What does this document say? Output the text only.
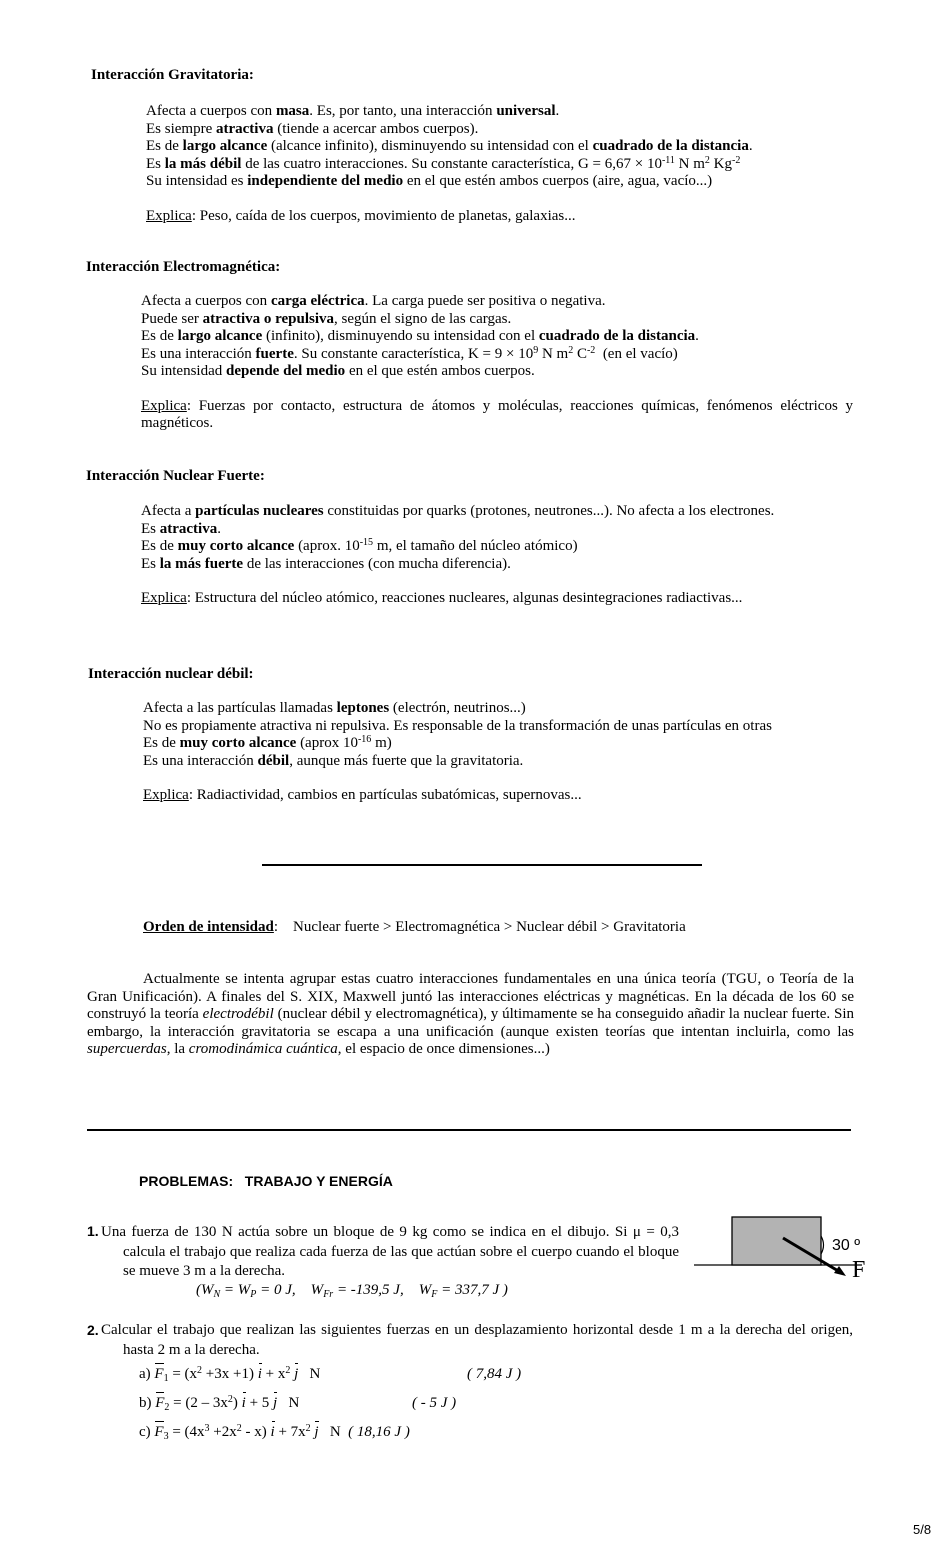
Interacción Gravitatoria:
Afecta a cuerpos con masa. Es, por tanto, una interacción universal.
Es siempre atractiva (tiende a acercar ambos cuerpos).
Es de largo alcance (alcance infinito), disminuyendo su intensidad con el cuadrado de la distancia.
Es la más débil de las cuatro interacciones. Su constante característica, $G = 6,67 \times 10^{-11}$ N $m^2$ $Kg^{-2}$
Su intensidad es independiente del medio en el que estén ambos cuerpos (aire, agua, vacío...)
Explica: Peso, caída de los cuerpos, movimiento de planetas, galaxias...
Interacción Electromagnética:
Afecta a cuerpos con carga eléctrica. La carga puede ser positiva o negativa.
Puede ser atractiva o repulsiva, según el signo de las cargas.
Es de largo alcance (infinito), disminuyendo su intensidad con el cuadrado de la distancia.
Es una interacción fuerte. Su constante característica, $K = 9 \times 10^9$ N $m^2$ $C^{-2}$  (en el vacío)
Su intensidad depende del medio en el que estén ambos cuerpos.
Explica: Fuerzas por contacto, estructura de átomos y moléculas, reacciones químicas, fenómenos eléctricos y magnéticos.
Interacción Nuclear Fuerte:
Afecta a partículas nucleares constituidas por quarks (protones, neutrones...). No afecta a los electrones.
Es atractiva.
Es de muy corto alcance (aprox. $10^{-15}$ m, el tamaño del núcleo atómico)
Es la más fuerte de las interacciones (con mucha diferencia).
Explica: Estructura del núcleo atómico, reacciones nucleares, algunas desintegraciones radiactivas...
Interacción nuclear débil:
Afecta a las partículas llamadas leptones (electrón, neutrinos...)
No es propiamente atractiva ni repulsiva. Es responsable de la transformación de unas partículas en otras
Es de muy corto alcance (aprox $10^{-16}$ m)
Es una interacción débil, aunque más fuerte que la gravitatoria.
Explica: Radiactividad, cambios en partículas subatómicas, supernovas...
Orden de intensidad:    Nuclear fuerte > Electromagnética > Nuclear débil > Gravitatoria
Actualmente se intenta agrupar estas cuatro interacciones fundamentales en una única teoría (TGU, o Teoría de la Gran Unificación). A finales del S. XIX, Maxwell juntó las interacciones eléctricas y magnéticas. En la década de los 60 se construyó la teoría electrodébil (nuclear débil y electromagnética), y últimamente se ha conseguido añadir la nuclear fuerte. Sin embargo, la interacción gravitatoria se escapa a una unificación (aunque existen teorías que intentan incluirla, como las supercuerdas, la cromodinámica cuántica, el espacio de once dimensiones...)
PROBLEMAS:   TRABAJO Y ENERGÍA
1. Una fuerza de 130 N actúa sobre un bloque de 9 kg como se indica en el dibujo. Si μ = 0,3 calcula el trabajo que realiza cada fuerza de las que actúan sobre el cuerpo cuando el bloque se mueve 3 m a la derecha.
($W_N = W_P = 0$ J,    $W_{Fr} = -139,5$ J,    $W_F = 337,7$ J )
30 º
F
2. Calcular el trabajo que realizan las siguientes fuerzas en un desplazamiento horizontal desde 1 m a la derecha del origen, hasta 2 m a la derecha.
a) $F_1 = (x^2 +3x +1) i + x^2$ j   N	( 7,84 J )
b) $F_2 = (2 - 3x^2) i + 5$ j   N	( - 5 J )
c) $F_3 = (4x^3 +2x^2 - x) i + 7x^2$ j   N ( 18,16 J )
5/8
